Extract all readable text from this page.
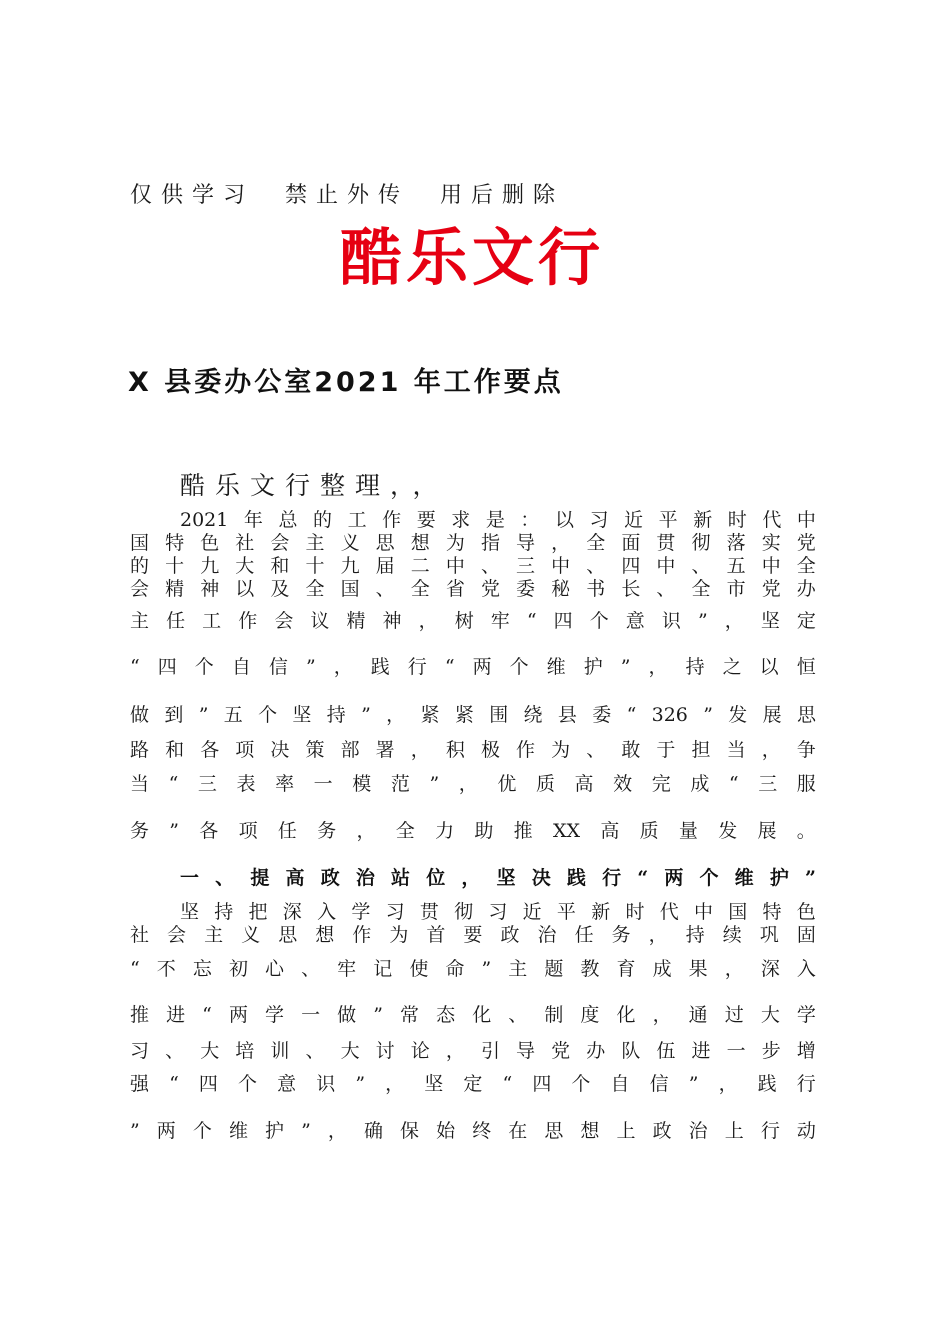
仅供学习　禁止外传　用后删除
酷乐文行
X 县委办公室2021 年工作要点
酷乐文行整理，，
2021 年 总 的 工 作 要 求 是 ： 以 习 近 平 新 时 代 中
国 特 色 社 会 主 义 思 想 为 指 导 ， 全 面 贯 彻 落 实 党
的 十 九 大 和 十 九 届 二 中 、 三 中 、 四 中 、 五 中 全
会 精 神 以 及 全 国 、 全 省 党 委 秘 书 长 、 全 市 党 办
主 任 工 作 会 议 精 神 ， 树 牢 “ 四 个 意 识 ” ， 坚 定
“ 四 个 自 信 ” ， 践 行 “ 两 个 维 护 ” ， 持 之 以 恒
做 到 ” 五 个 坚 持 ” ， 紧 紧 围 绕 县 委 “ 326 ” 发 展 思
路 和 各 项 决 策 部 署 ， 积 极 作 为 、 敢 于 担 当 ， 争
当 “ 三 表 率 一 模 范 ” ， 优 质 高 效 完 成 “ 三 服
务 ” 各 项 任 务 ， 全 力 助 推 XX 高 质 量 发 展 。
一 、 提 高 政 治 站 位 ， 坚 决 践 行 “ 两 个 维 护 ”
坚 持 把 深 入 学 习 贯 彻 习 近 平 新 时 代 中 国 特 色
社 会 主 义 思 想 作 为 首 要 政 治 任 务 ， 持 续 巩 固
“ 不 忘 初 心 、 牢 记 使 命 ” 主 题 教 育 成 果 ， 深 入
推 进 “ 两 学 一 做 ” 常 态 化 、 制 度 化 ， 通 过 大 学
习 、 大 培 训 、 大 讨 论 ， 引 导 党 办 队 伍 进 一 步 增
强 “ 四 个 意 识 ” ， 坚 定 “ 四 个 自 信 ” ， 践 行
” 两 个 维 护 ” ， 确 保 始 终 在 思 想 上 政 治 上 行 动
